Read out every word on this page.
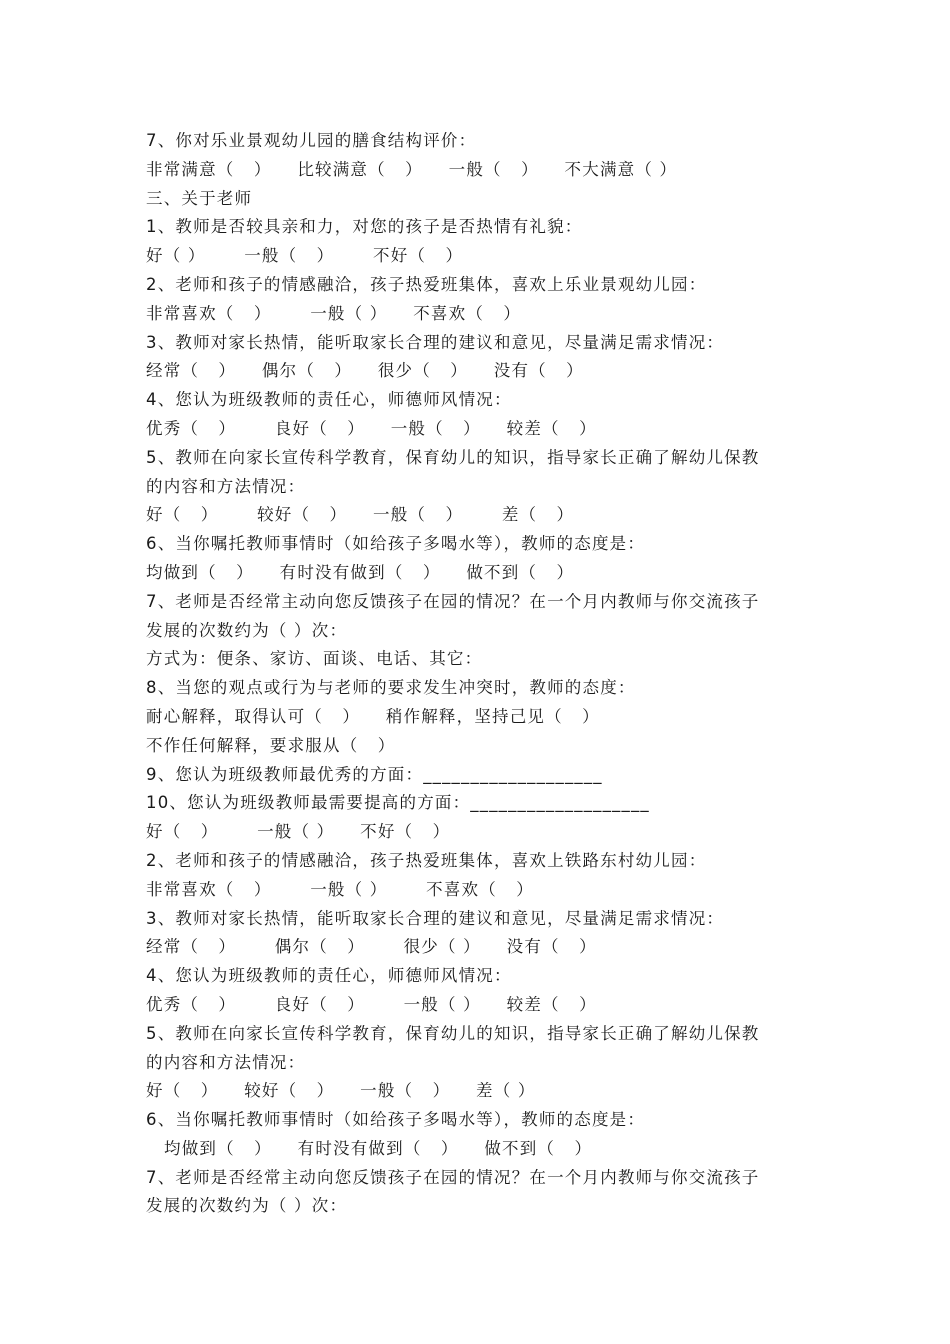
7、你对乐业景观幼儿园的膳食结构评价：
非常满意（   ）    比较满意（   ）    一般（   ）    不大满意（ ）
三、关于老师
1、教师是否较具亲和力，对您的孩子是否热情有礼貌：
好（ ）      一般（   ）      不好（   ）
2、老师和孩子的情感融洽，孩子热爱班集体，喜欢上乐业景观幼儿园：
非常喜欢（   ）      一般（ ）    不喜欢（   ）
3、教师对家长热情，能听取家长合理的建议和意见，尽量满足需求情况：
经常（   ）    偶尔（   ）    很少（   ）    没有（   ）
4、您认为班级教师的责任心，师德师风情况：
优秀（   ）      良好（   ）    一般（   ）    较差（   ）
5、教师在向家长宣传科学教育，保育幼儿的知识，指导家长正确了解幼儿保教
的内容和方法情况：
好（   ）      较好（   ）    一般（   ）      差（   ）
6、当你嘱托教师事情时（如给孩子多喝水等），教师的态度是：
均做到（   ）    有时没有做到（   ）    做不到（   ）
7、老师是否经常主动向您反馈孩子在园的情况？在一个月内教师与你交流孩子
发展的次数约为（ ）次：
方式为：便条、家访、面谈、电话、其它：
8、当您的观点或行为与老师的要求发生冲突时，教师的态度：
耐心解释，取得认可（   ）    稍作解释，坚持己见（   ）
不作任何解释，要求服从（   ）
9、您认为班级教师最优秀的方面：___________________
10、您认为班级教师最需要提高的方面：___________________
好（   ）      一般（ ）    不好（   ）
2、老师和孩子的情感融洽，孩子热爱班集体，喜欢上铁路东村幼儿园：
非常喜欢（   ）      一般（ ）      不喜欢（   ）
3、教师对家长热情，能听取家长合理的建议和意见，尽量满足需求情况：
经常（   ）      偶尔（   ）      很少（ ）    没有（   ）
4、您认为班级教师的责任心，师德师风情况：
优秀（   ）      良好（   ）      一般（ ）    较差（   ）
5、教师在向家长宣传科学教育，保育幼儿的知识，指导家长正确了解幼儿保教
的内容和方法情况：
好（   ）    较好（   ）    一般（   ）    差（ ）
6、当你嘱托教师事情时（如给孩子多喝水等），教师的态度是：
均做到（   ）    有时没有做到（   ）    做不到（   ）
7、老师是否经常主动向您反馈孩子在园的情况？在一个月内教师与你交流孩子
发展的次数约为（ ）次：
